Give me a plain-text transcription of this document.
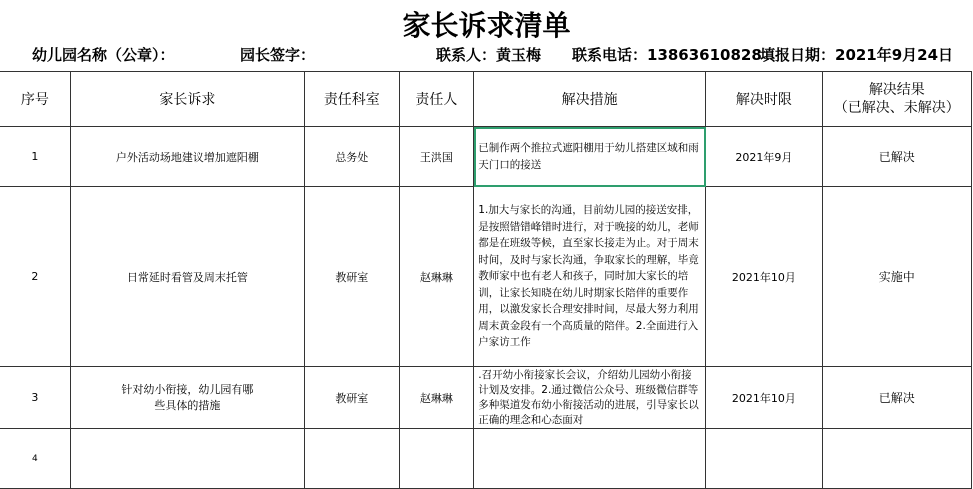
家长诉求清单
幼儿园名称（公章）：	园长签字：	联系人：黄玉梅 联系电话：13863610828
填报日期：2021年9月24日
序号	家长诉求	责任科室	责任人	解决措施	解决时限	解决结果
（已解决、未解决）
1	户外活动场地建议增加遮阳棚	总务处	王洪国	已制作两个推拉式遮阳棚用于幼儿搭建区域和雨天门口的接送	2021年9月	已解决
2	日常延时看管及周末托管	教研室	赵琳琳	1.加大与家长的沟通，目前幼儿园的接送安排，是按照错错峰错时进行，对于晚接的幼儿，老师都是在班级等候，直至家长接走为止。对于周末时间，及时与家长沟通，争取家长的理解，毕竟教师家中也有老人和孩子，同时加大家长的培训，让家长知晓在幼儿时期家长陪伴的重要作用，以激发家长合理安排时间，尽最大努力利用周末黄金段有一个高质量的陪伴。2.全面进行入户家访工作	2021年10月	实施中
3	针对幼小衔接，幼儿园有哪些具体的措施	教研室	赵琳琳	.召开幼小衔接家长会议，介绍幼儿园幼小衔接计划及安排。2.通过微信公众号、班级微信群等多种渠道发布幼小衔接活动的进展，引导家长以正确的理念和心态面对	2021年10月	已解决
4						
